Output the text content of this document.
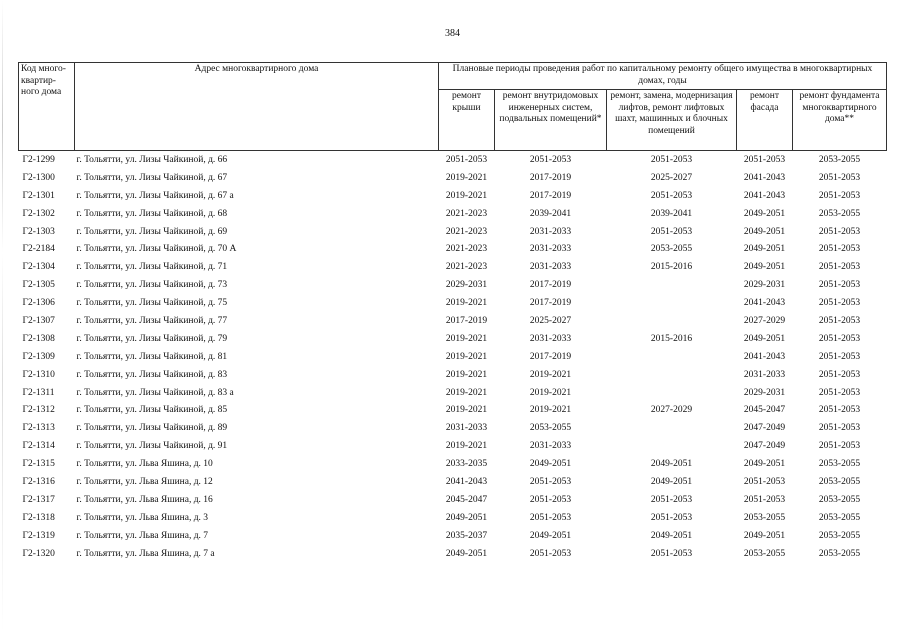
384
Код много-квартир-ного дома	Адрес многоквартирного дома	Плановые периоды проведения работ по капитальному ремонту общего имущества в многоквартирных домах, годы				
		ремонт крыши	ремонт внутридомовых инженерных систем, подвальных помещений*	ремонт, замена, модернизация лифтов, ремонт лифтовых шахт, машинных и блочных помещений	ремонт фасада	ремонт фундамента многоквартирного дома**
Г2-1299	г. Тольятти, ул. Лизы Чайкиной, д. 66	2051-2053	2051-2053	2051-2053	2051-2053	2053-2055
Г2-1300	г. Тольятти, ул. Лизы Чайкиной, д. 67	2019-2021	2017-2019	2025-2027	2041-2043	2051-2053
Г2-1301	г. Тольятти, ул. Лизы Чайкиной, д. 67 а	2019-2021	2017-2019	2051-2053	2041-2043	2051-2053
Г2-1302	г. Тольятти, ул. Лизы Чайкиной, д. 68	2021-2023	2039-2041	2039-2041	2049-2051	2053-2055
Г2-1303	г. Тольятти, ул. Лизы Чайкиной, д. 69	2021-2023	2031-2033	2051-2053	2049-2051	2051-2053
Г2-2184	г. Тольятти, ул. Лизы Чайкиной, д. 70 А	2021-2023	2031-2033	2053-2055	2049-2051	2051-2053
Г2-1304	г. Тольятти, ул. Лизы Чайкиной, д. 71	2021-2023	2031-2033	2015-2016	2049-2051	2051-2053
Г2-1305	г. Тольятти, ул. Лизы Чайкиной, д. 73	2029-2031	2017-2019		2029-2031	2051-2053
Г2-1306	г. Тольятти, ул. Лизы Чайкиной, д. 75	2019-2021	2017-2019		2041-2043	2051-2053
Г2-1307	г. Тольятти, ул. Лизы Чайкиной, д. 77	2017-2019	2025-2027		2027-2029	2051-2053
Г2-1308	г. Тольятти, ул. Лизы Чайкиной, д. 79	2019-2021	2031-2033	2015-2016	2049-2051	2051-2053
Г2-1309	г. Тольятти, ул. Лизы Чайкиной, д. 81	2019-2021	2017-2019		2041-2043	2051-2053
Г2-1310	г. Тольятти, ул. Лизы Чайкиной, д. 83	2019-2021	2019-2021		2031-2033	2051-2053
Г2-1311	г. Тольятти, ул. Лизы Чайкиной, д. 83 а	2019-2021	2019-2021		2029-2031	2051-2053
Г2-1312	г. Тольятти, ул. Лизы Чайкиной, д. 85	2019-2021	2019-2021	2027-2029	2045-2047	2051-2053
Г2-1313	г. Тольятти, ул. Лизы Чайкиной, д. 89	2031-2033	2053-2055		2047-2049	2051-2053
Г2-1314	г. Тольятти, ул. Лизы Чайкиной, д. 91	2019-2021	2031-2033		2047-2049	2051-2053
Г2-1315	г. Тольятти, ул. Льва Яшина, д. 10	2033-2035	2049-2051	2049-2051	2049-2051	2053-2055
Г2-1316	г. Тольятти, ул. Льва Яшина, д. 12	2041-2043	2051-2053	2049-2051	2051-2053	2053-2055
Г2-1317	г. Тольятти, ул. Льва Яшина, д. 16	2045-2047	2051-2053	2051-2053	2051-2053	2053-2055
Г2-1318	г. Тольятти, ул. Льва Яшина, д. 3	2049-2051	2051-2053	2051-2053	2053-2055	2053-2055
Г2-1319	г. Тольятти, ул. Льва Яшина, д. 7	2035-2037	2049-2051	2049-2051	2049-2051	2053-2055
Г2-1320	г. Тольятти, ул. Льва Яшина, д. 7 а	2049-2051	2051-2053	2051-2053	2053-2055	2053-2055
